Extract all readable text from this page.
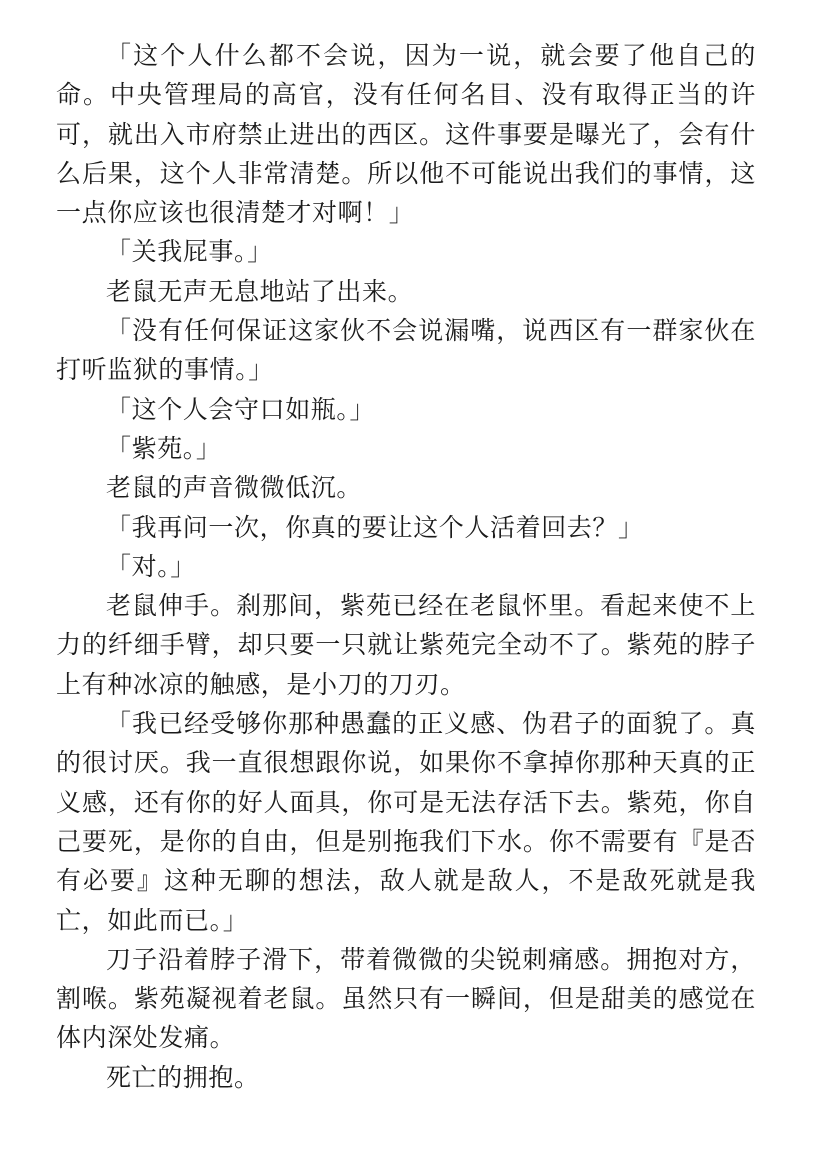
「这个人什么都不会说，因为一说，就会要了他自己的命。中央管理局的高官，没有任何名目、没有取得正当的许可，就出入市府禁止进出的西区。这件事要是曝光了，会有什么后果，这个人非常清楚。所以他不可能说出我们的事情，这一点你应该也很清楚才对啊！」

「关我屁事。」

老鼠无声无息地站了出来。

「没有任何保证这家伙不会说漏嘴，说西区有一群家伙在打听监狱的事情。」

「这个人会守口如瓶。」

「紫苑。」

老鼠的声音微微低沉。

「我再问一次，你真的要让这个人活着回去？」

「对。」

老鼠伸手。刹那间，紫苑已经在老鼠怀里。看起来使不上力的纤细手臂，却只要一只就让紫苑完全动不了。紫苑的脖子上有种冰凉的触感，是小刀的刀刃。

「我已经受够你那种愚蠢的正义感、伪君子的面貌了。真的很讨厌。我一直很想跟你说，如果你不拿掉你那种天真的正义感，还有你的好人面具，你可是无法存活下去。紫苑，你自己要死，是你的自由，但是别拖我们下水。你不需要有『是否有必要』这种无聊的想法，敌人就是敌人，不是敌死就是我亡，如此而已。」

刀子沿着脖子滑下，带着微微的尖锐刺痛感。拥抱对方，割喉。紫苑凝视着老鼠。虽然只有一瞬间，但是甜美的感觉在体内深处发痛。

死亡的拥抱。
